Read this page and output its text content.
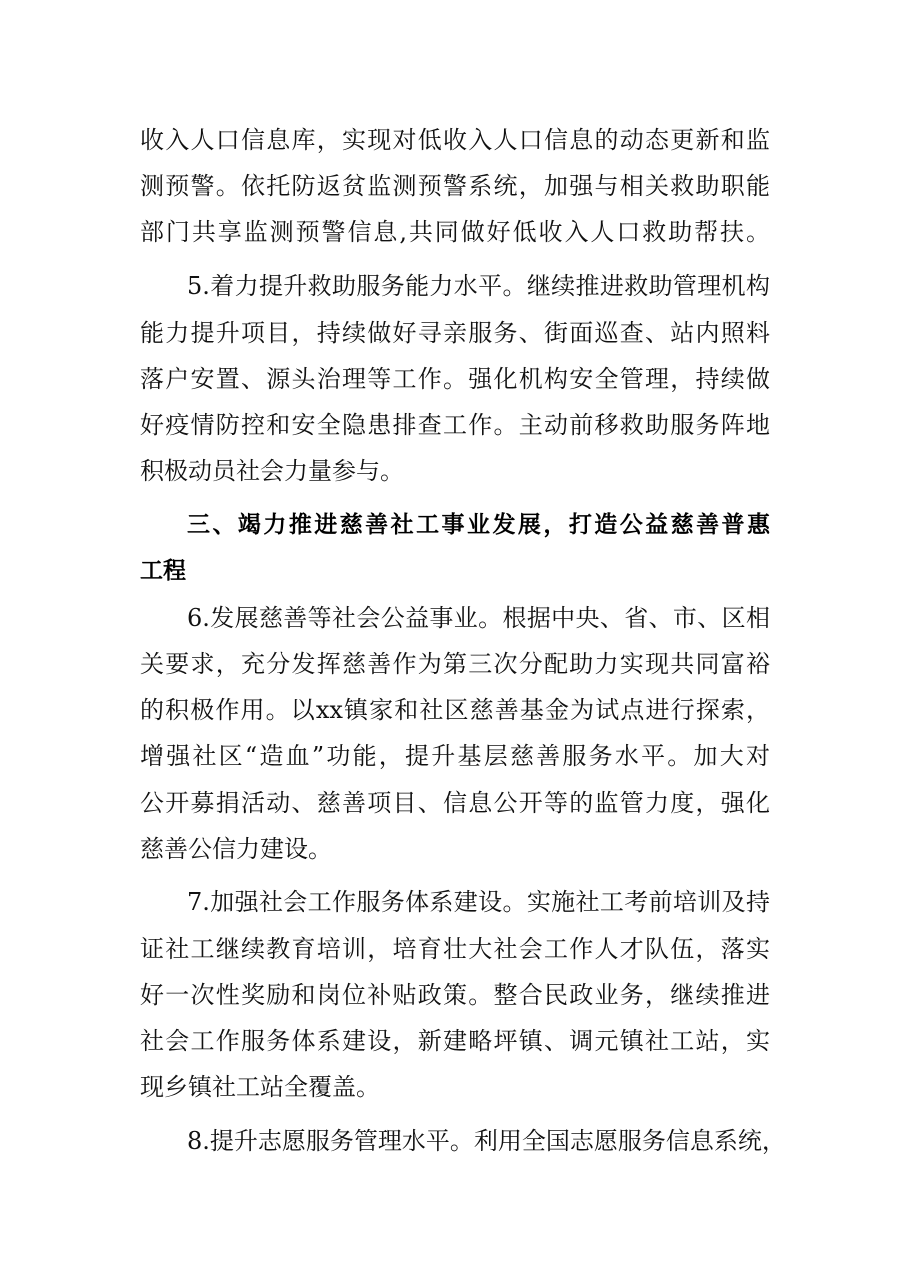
收入人口信息库，实现对低收入人口信息的动态更新和监
测预警。依托防返贫监测预警系统，加强与相关救助职能
部门共享监测预警信息,共同做好低收入人口救助帮扶。
5.着力提升救助服务能力水平。继续推进救助管理机构
能力提升项目，持续做好寻亲服务、街面巡查、站内照料
落户安置、源头治理等工作。强化机构安全管理，持续做
好疫情防控和安全隐患排查工作。主动前移救助服务阵地
积极动员社会力量参与。
三、竭力推进慈善社工事业发展，打造公益慈善普惠
工程
6.发展慈善等社会公益事业。根据中央、省、市、区相
关要求，充分发挥慈善作为第三次分配助力实现共同富裕
的积极作用。以xx镇家和社区慈善基金为试点进行探索，
增强社区“造血”功能，提升基层慈善服务水平。加大对
公开募捐活动、慈善项目、信息公开等的监管力度，强化
慈善公信力建设。
7.加强社会工作服务体系建设。实施社工考前培训及持
证社工继续教育培训，培育壮大社会工作人才队伍，落实
好一次性奖励和岗位补贴政策。整合民政业务，继续推进
社会工作服务体系建设，新建略坪镇、调元镇社工站，实
现乡镇社工站全覆盖。
8.提升志愿服务管理水平。利用全国志愿服务信息系统，
